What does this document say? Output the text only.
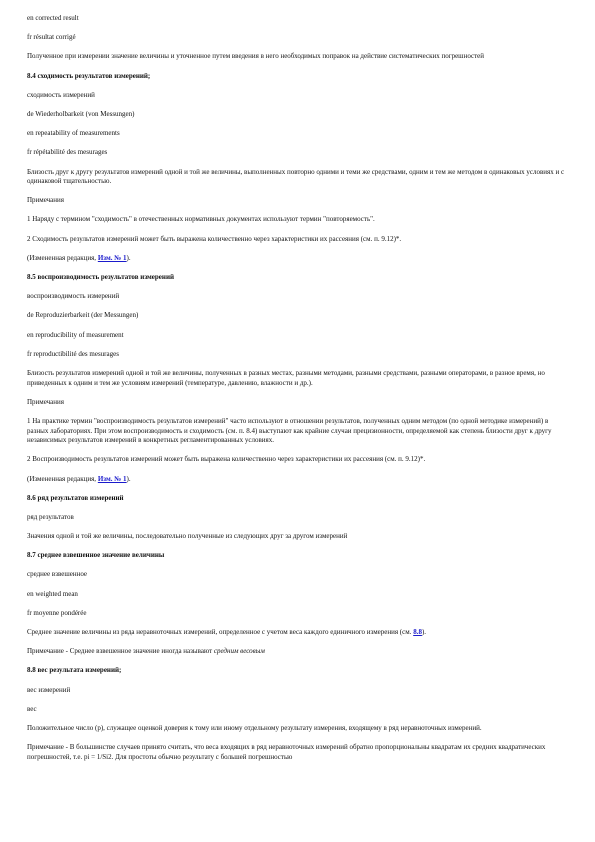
en corrected result
fr résultat corrigé
Полученное при измерении значение величины и уточненное путем введения в него необходимых поправок на действие систематических погрешностей
8.4 сходимость результатов измерений;
сходимость измерений
de Wiederholbarkeit (von Messungen)
en repeatability of measurements
fr répétabilité des mesurages
Близость друг к другу результатов измерений одной и той же величины, выполненных повторно одними и теми же средствами, одним и тем же методом в одинаковых условиях и с одинаковой тщательностью.
Примечания
1 Наряду с термином "сходимость" в отечественных нормативных документах используют термин "повторяемость".
2 Сходимость результатов измерений может быть выражена количественно через характеристики их рассеяния (см. п. 9.12)*.
(Измененная редакция, Изм. № 1).
8.5 воспроизводимость результатов измерений
воспроизводимость измерений
de Reproduzierbarkeit (der Messungen)
en reproducibility of measurement
fr reproductibilité des mesurages
Близость результатов измерений одной и той же величины, полученных в разных местах, разными методами, разными средствами, разными операторами, в разное время, но приведенных к одним и тем же условиям измерений (температуре, давлению, влажности и др.).
Примечания
1 На практике термин "воспроизводимость результатов измерений" часто используют в отношении результатов, полученных одним методом (по одной методике измерений) в разных лабораториях. При этом воспроизводимость и сходимость (см. п. 8.4) выступают как крайние случаи прецизионности, определяемой как степень близости друг к другу независимых результатов измерений в конкретных регламентированных условиях.
2 Воспроизводимость результатов измерений может быть выражена количественно через характеристики их рассеяния (см. п. 9.12)*.
(Измененная редакция, Изм. № 1).
8.6 ряд результатов измерений
ряд результатов
Значения одной и той же величины, последовательно полученные из следующих друг за другом измерений
8.7 среднее взвешенное значение величины
среднее взвешенное
en weighted mean
fr moyenne pondérée
Среднее значение величины из ряда неравноточных измерений, определенное с учетом веса каждого единичного измерения (см. 8.8).
Примечание - Среднее взвешенное значение иногда называют средним весовым
8.8 вес результата измерений;
вес измерений
вес
Положительное число (p), служащее оценкой доверия к тому или иному отдельному результату измерения, входящему в ряд неравноточных измерений.
Примечание - В большинстве случаев принято считать, что веса входящих в ряд неравноточных измерений обратно пропорциональны квадратам их средних квадратических погрешностей, т.е. pi = 1/Si2. Для простоты обычно результату с большей погрешностью
